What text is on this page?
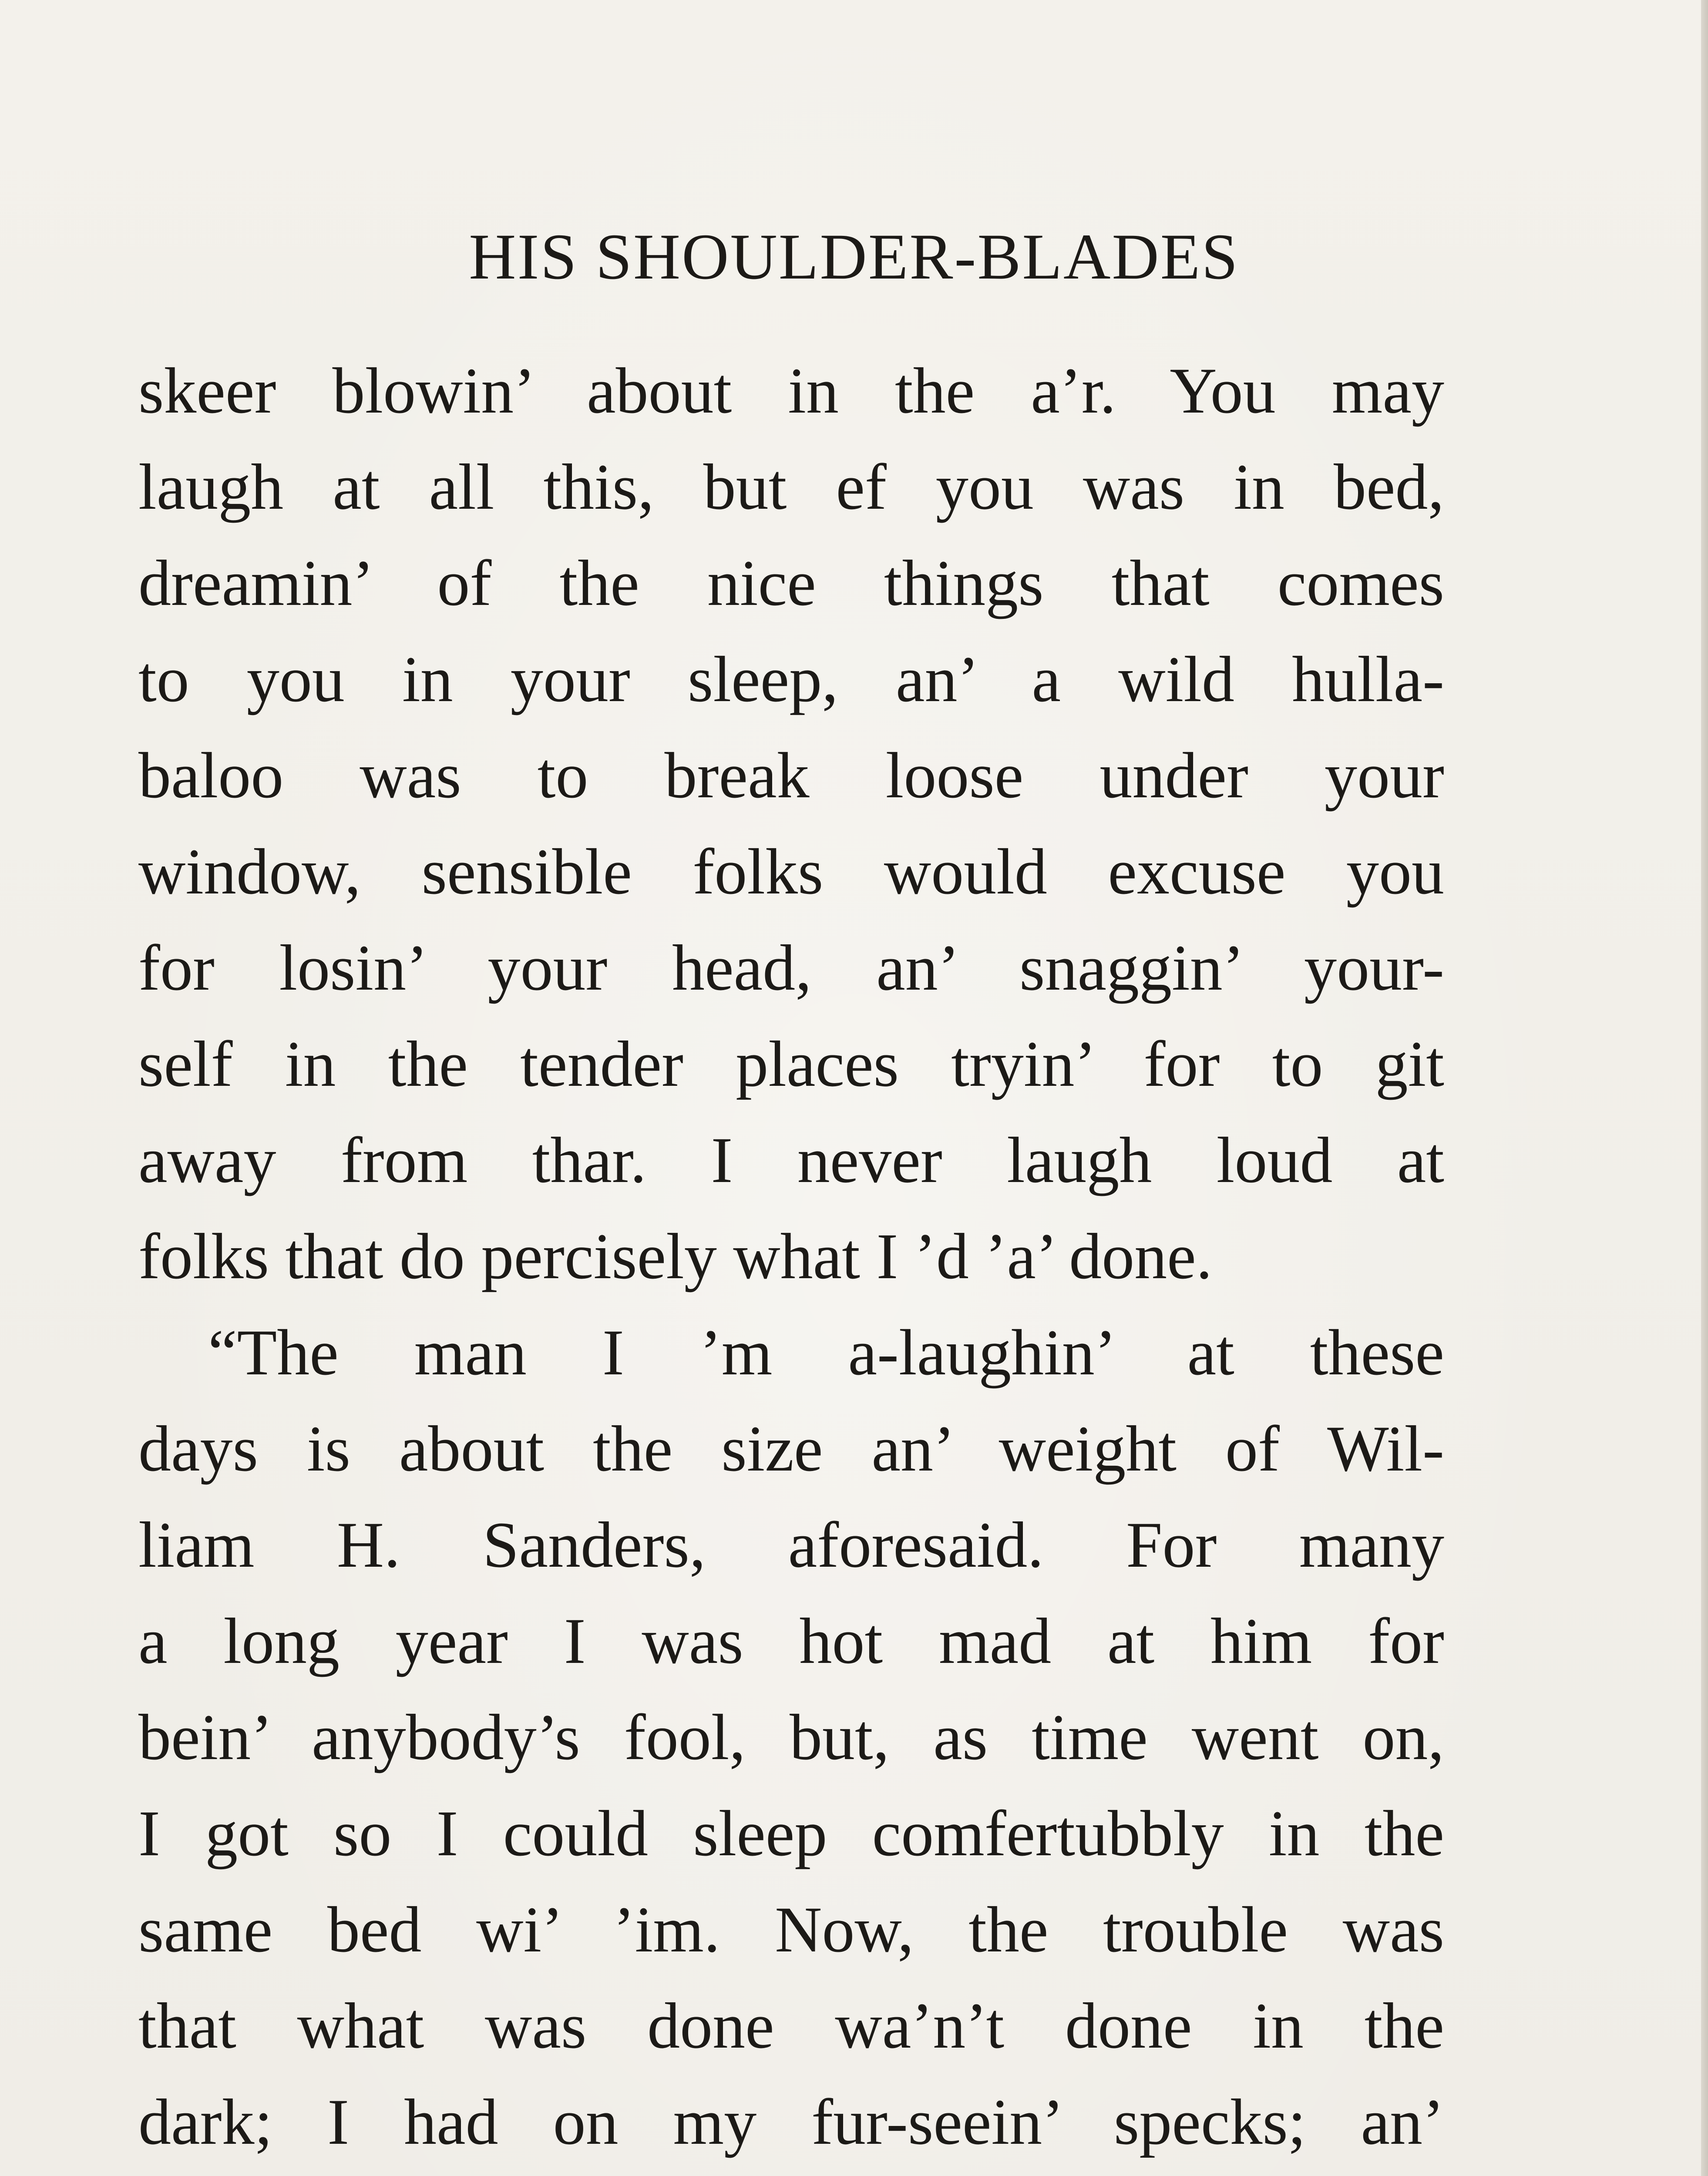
HIS SHOULDER-BLADES
skeer blowin’ about in the a’r. You may
laugh at all this, but ef you was in bed,
dreamin’ of the nice things that comes
to you in your sleep, an’ a wild hulla-
baloo was to break loose under your
window, sensible folks would excuse you
for losin’ your head, an’ snaggin’ your-
self in the tender places tryin’ for to git
away from thar. I never laugh loud at
folks that do percisely what I ’d ’a’ done.
“The man I ’m a-laughin’ at these
days is about the size an’ weight of Wil-
liam H. Sanders, aforesaid. For many
a long year I was hot mad at him for
bein’ anybody’s fool, but, as time went on,
I got so I could sleep comfertubbly in the
same bed wi’ ’im. Now, the trouble was
that what was done wa’n’t done in the
dark; I had on my fur-seein’ specks; an’
